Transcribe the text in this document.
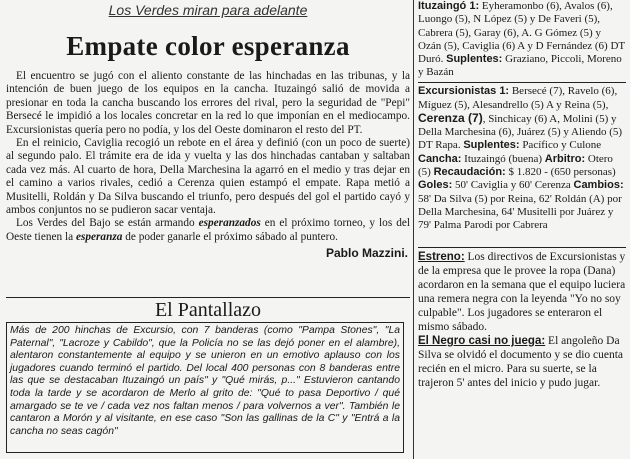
Los Verdes miran para adelante
Empate color esperanza

El encuentro se jugó con el aliento constante de las hinchadas en las tribunas, y la intención de buen juego de los equipos en la cancha. Ituzaingó salió de movida a presionar en toda la cancha buscando los errores del rival, pero la seguridad de "Pepi" Bersecé le impidió a los locales concretar en la red lo que imponían en el mediocampo. Excursionistas quería pero no podía, y los del Oeste dominaron el resto del PT.

En el reinicio, Caviglia recogió un rebote en el área y definió (con un poco de suerte) al segundo palo. El trámite era de ida y vuelta y las dos hinchadas cantaban y saltaban cada vez más. Al cuarto de hora, Della Marchesina la agarró en el medio y tras dejar en el camino a varios rivales, cedió a Cerenza quien estampó el empate. Rapa metió a Musitelli, Roldán y Da Silva buscando el triunfo, pero después del gol el partido cayó y ambos conjuntos no se pudieron sacar ventaja.

Los Verdes del Bajo se están armando esperanzados en el próximo torneo, y los del Oeste tienen la esperanza de poder ganarle el próximo sábado al puntero.

Pablo Mazzini.
El Pantallazo
Más de 200 hinchas de Excursio, con 7 banderas (como "Pampa Stones", "La Paternal", "Lacroze y Cabildo", que la Policía no se las dejó poner en el alambre), alentaron constantemente al equipo y se unieron en un emotivo aplauso con los jugadores cuando terminó el partido. Del local 400 personas con 8 banderas entre las que se destacaban Ituzaingó un país" y "Qué mirás, p..." Estuvieron cantando toda la tarde y se acordaron de Merlo al grito de: "Qué to pasa Deportivo / qué amargado se te ve / cada vez nos faltan menos / para volvernos a ver". También le cantaron a Morón y al visitante, en ese caso "Son las gallinas de la C" y "Entrá a la cancha no seas cagón"

Ituzaingó 1: Eyheramonbo (6), Avalos (6), Luongo (5), N López (5) y De Faveri (5), Cabrera (5), Garay (6), A. G Gómez (5) y Ozán (5), Caviglia (6) A y D Fernández (6) DT Duró. Suplentes: Graziano, Piccoli, Moreno y Bazán

Excursionistas 1: Bersecé (7), Ravelo (6), Míguez (5), Alesandrello (5) A y Reina (5), Cerenza (7), Sinchicay (6) A, Molini (5) y Della Marchesina (6), Juárez (5) y Aliendo (5) DT Rapa. Suplentes: Pacífico y Culone

Cancha: Ituzaingó (buena) Arbitro: Otero (5) Recaudación: $ 1.820 - (650 personas) Goles: 50' Caviglia y 60' Cerenza Cambios: 58' Da Silva (5) por Reina, 62' Roldán (A) por Della Marchesina, 64' Musitelli por Juárez y 79' Palma Parodi por Cabrera

Estreno: Los directivos de Excursionistas y de la empresa que le provee la ropa (Dana) acordaron en la semana que el equipo luciera una remera negra con la leyenda "Yo no soy culpable". Los jugadores se enteraron el mismo sábado.

El Negro casi no juega: El angoleño Da Silva se olvidó el documento y se dio cuenta recién en el micro. Para su suerte, se la trajeron 5' antes del inicio y pudo jugar.
